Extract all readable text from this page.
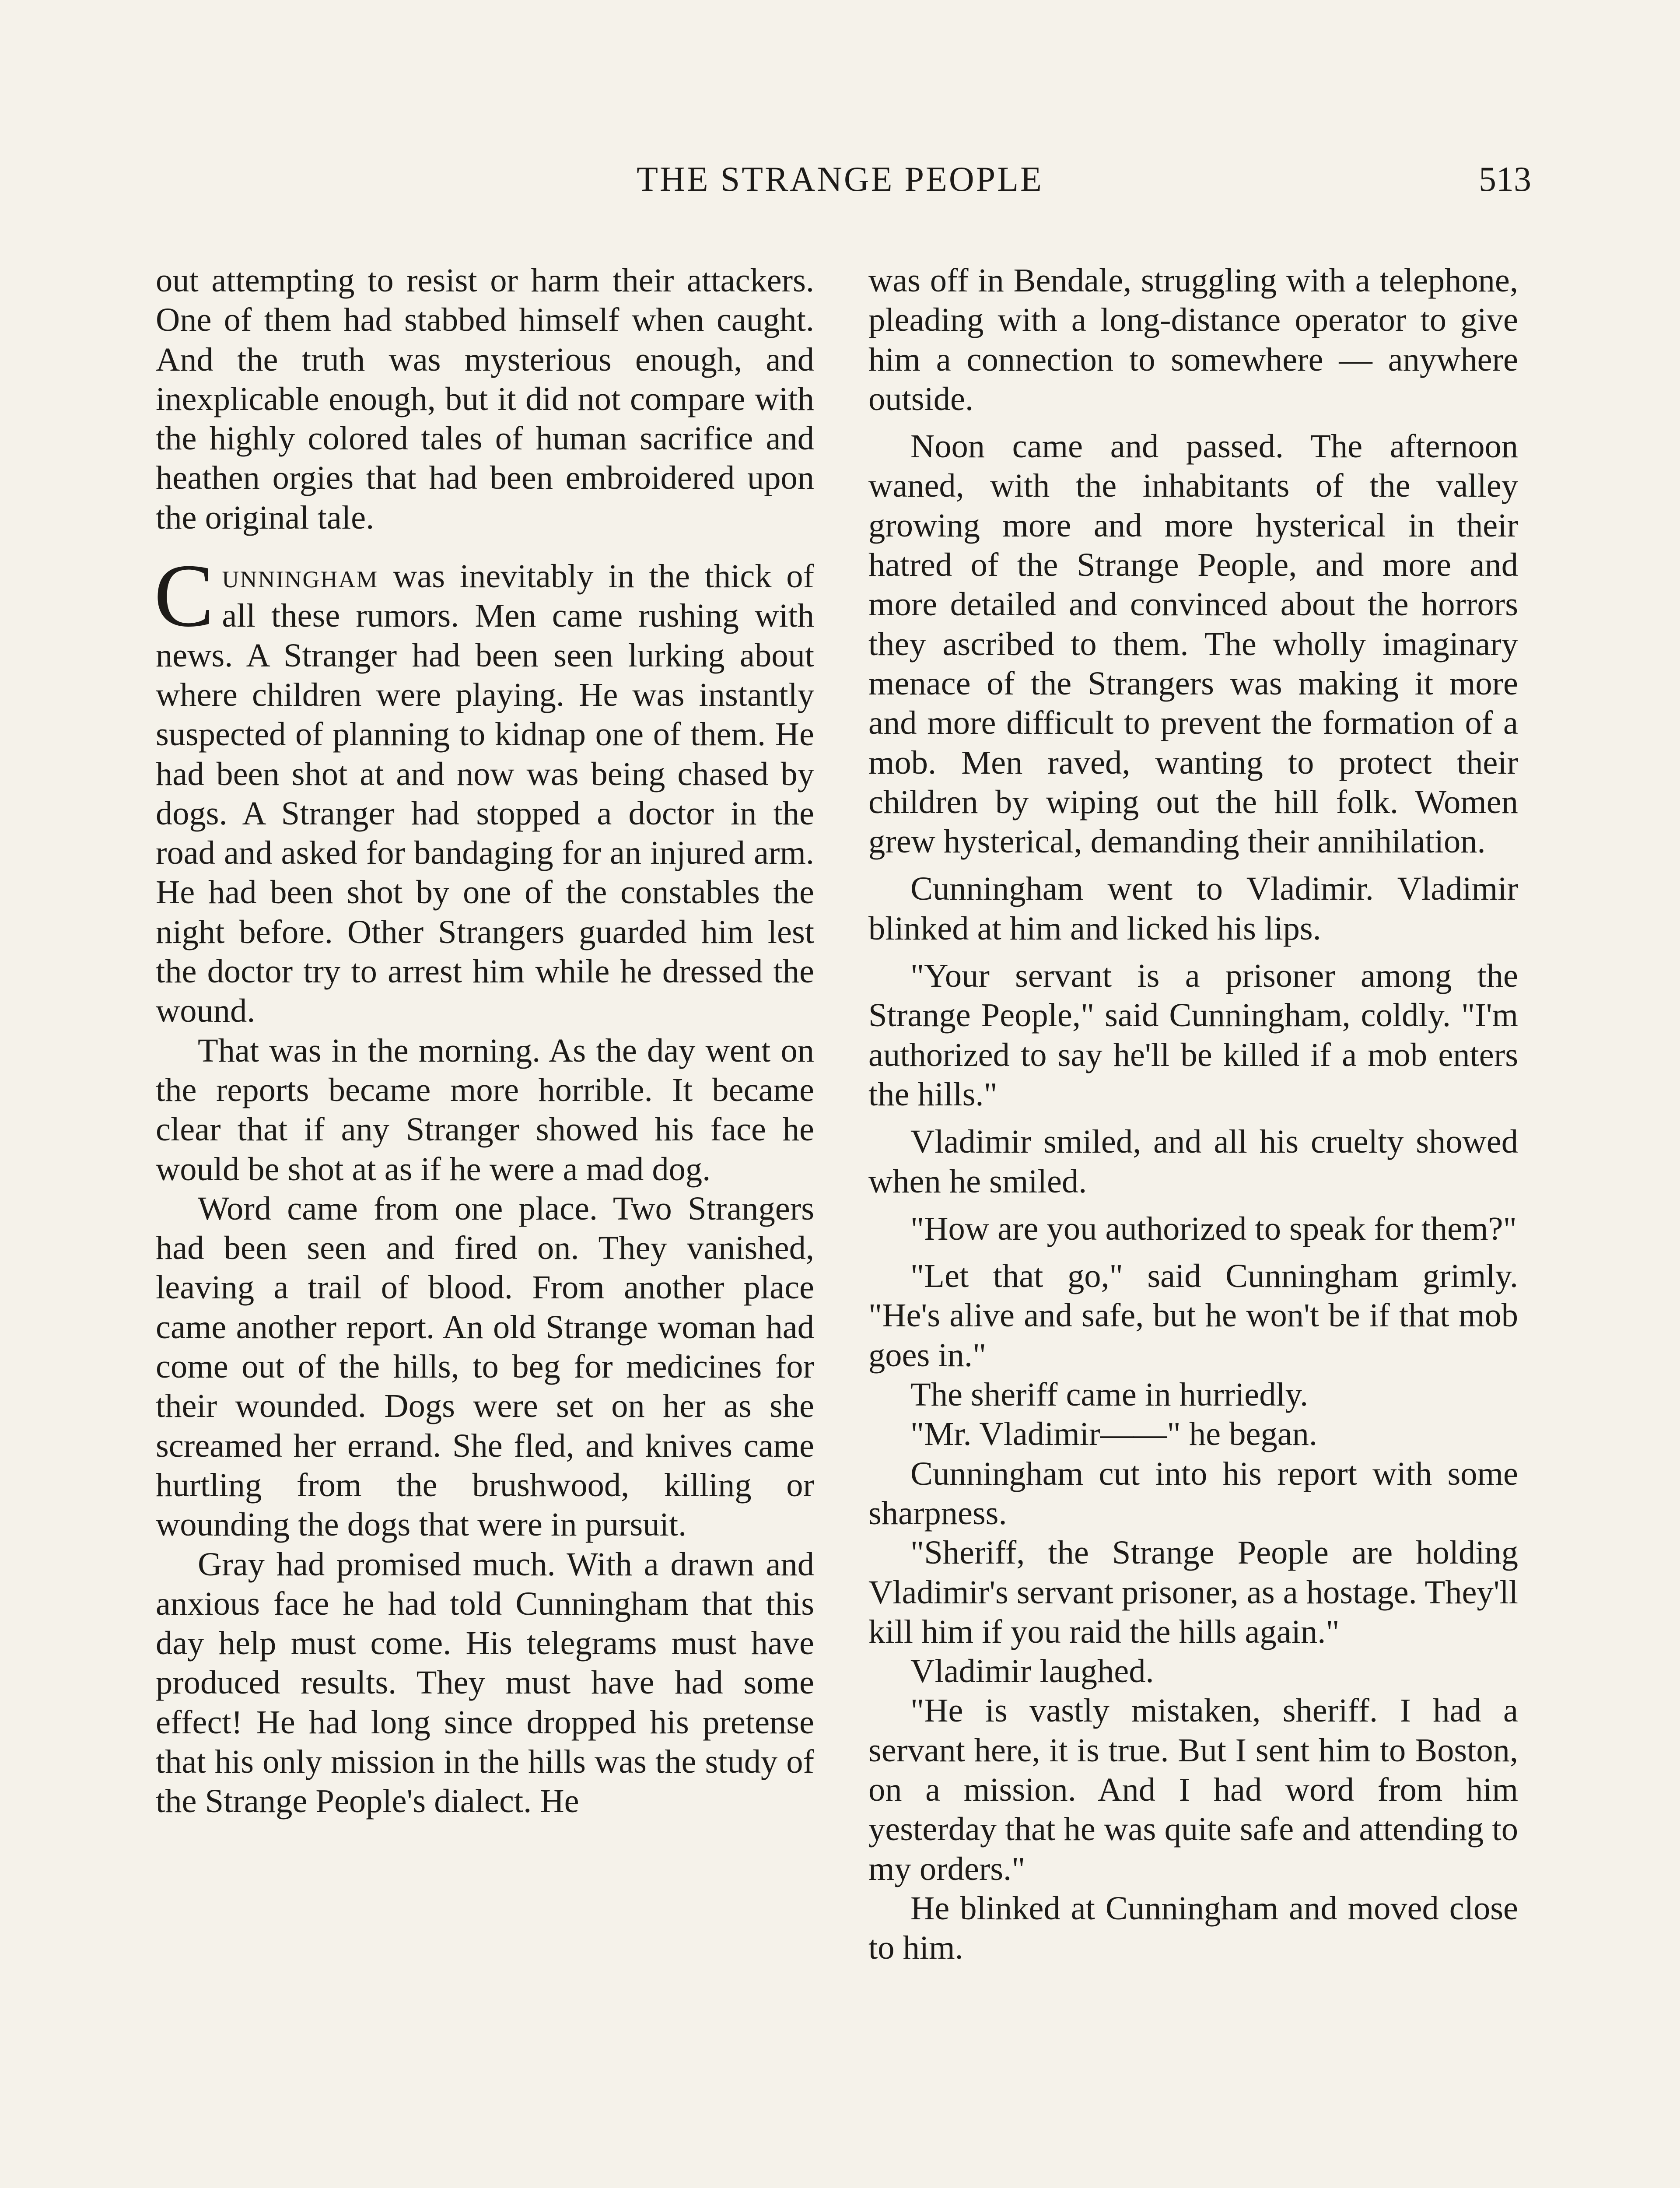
THE STRANGE PEOPLE	513

out attempting to resist or harm their attackers. One of them had stabbed himself when caught. And the truth was mysterious enough, and inexplicable enough, but it did not compare with the highly colored tales of human sacrifice and heathen orgies that had been embroidered upon the original tale.

Cunningham was inevitably in the thick of all these rumors. Men came rushing with news. A Stranger had been seen lurking about where children were playing. He was instantly suspected of planning to kidnap one of them. He had been shot at and now was being chased by dogs. A Stranger had stopped a doctor in the road and asked for bandaging for an injured arm. He had been shot by one of the constables the night before. Other Strangers guarded him lest the doctor try to arrest him while he dressed the wound.

That was in the morning. As the day went on the reports became more horrible. It became clear that if any Stranger showed his face he would be shot at as if he were a mad dog.

Word came from one place. Two Strangers had been seen and fired on. They vanished, leaving a trail of blood. From another place came another report. An old Strange woman had come out of the hills, to beg for medicines for their wounded. Dogs were set on her as she screamed her errand. She fled, and knives came hurtling from the brushwood, killing or wounding the dogs that were in pursuit.

Gray had promised much. With a drawn and anxious face he had told Cunningham that this day help must come. His telegrams must have produced results. They must have had some effect! He had long since dropped his pretense that his only mission in the hills was the study of the Strange People's dialect. He

was off in Bendale, struggling with a telephone, pleading with a long-distance operator to give him a connection to somewhere — anywhere outside.

Noon came and passed. The afternoon waned, with the inhabitants of the valley growing more and more hysterical in their hatred of the Strange People, and more and more detailed and convinced about the horrors they ascribed to them. The wholly imaginary menace of the Strangers was making it more and more difficult to prevent the formation of a mob. Men raved, wanting to protect their children by wiping out the hill folk. Women grew hysterical, demanding their annihilation.

Cunningham went to Vladimir. Vladimir blinked at him and licked his lips.

"Your servant is a prisoner among the Strange People," said Cunningham, coldly. "I'm authorized to say he'll be killed if a mob enters the hills."

Vladimir smiled, and all his cruelty showed when he smiled.

"How are you authorized to speak for them?"

"Let that go," said Cunningham grimly. "He's alive and safe, but he won't be if that mob goes in."

The sheriff came in hurriedly.

"Mr. Vladimir——" he began.

Cunningham cut into his report with some sharpness.

"Sheriff, the Strange People are holding Vladimir's servant prisoner, as a hostage. They'll kill him if you raid the hills again."

Vladimir laughed.

"He is vastly mistaken, sheriff. I had a servant here, it is true. But I sent him to Boston, on a mission. And I had word from him yesterday that he was quite safe and attending to my orders."

He blinked at Cunningham and moved close to him.
